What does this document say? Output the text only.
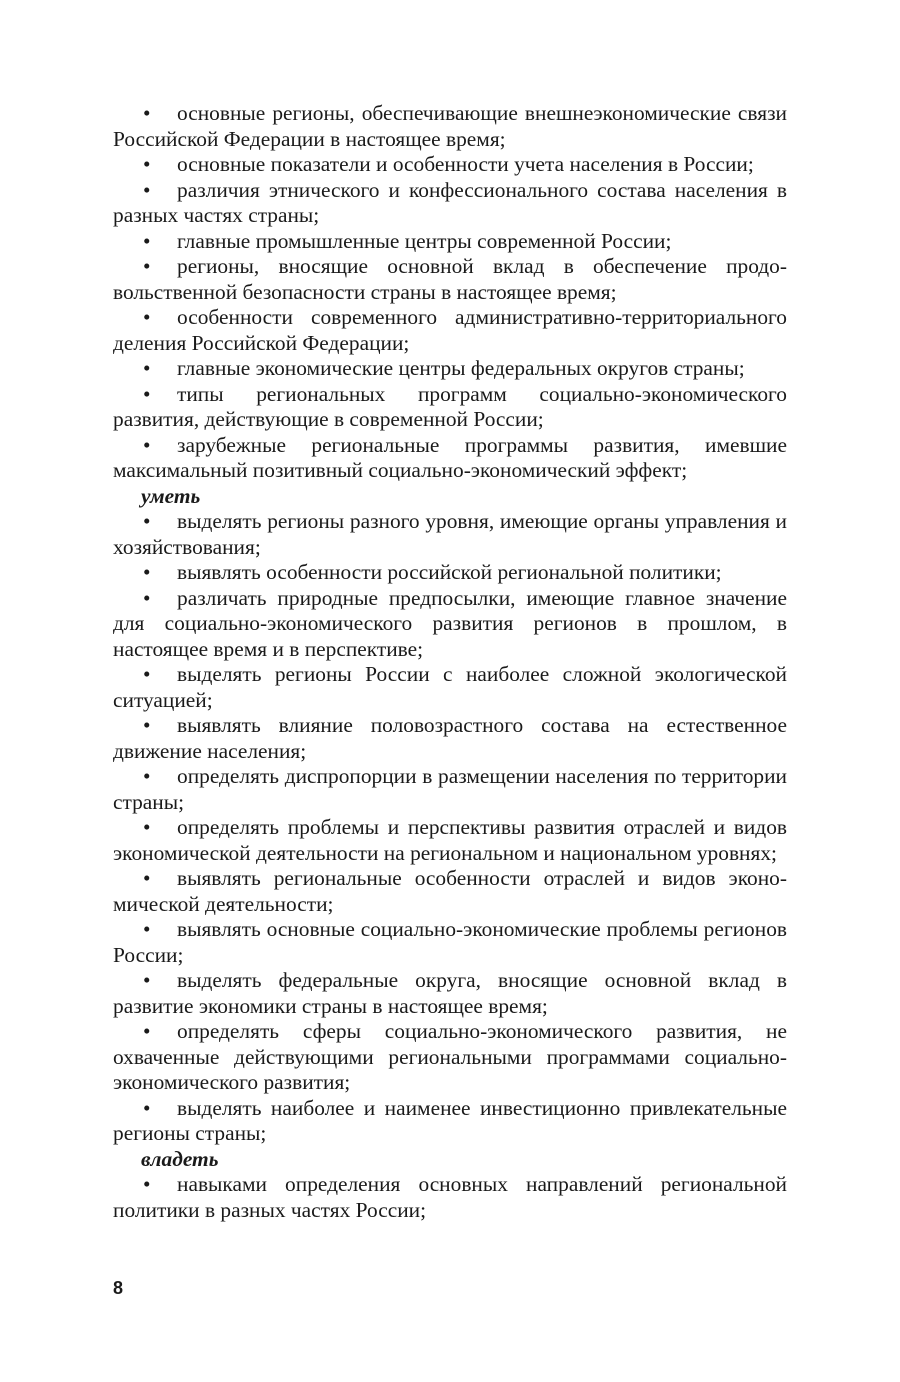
• основные регионы, обеспечивающие внешнеэкономические связи Российской Федерации в настоящее время;

• основные показатели и особенности учета населения в России;

• различия этнического и конфессионального состава населения в разных частях страны;

• главные промышленные центры современной России;

• регионы, вносящие основной вклад в обеспечение продовольственной безопасности страны в настоящее время;

• особенности современного административно-территориального деления Российской Федерации;

• главные экономические центры федеральных округов страны;

• типы региональных программ социально-экономического развития, действующие в современной России;

• зарубежные региональные программы развития, имевшие максимальный позитивный социально-экономический эффект;

уметь

• выделять регионы разного уровня, имеющие органы управления и хозяйствования;

• выявлять особенности российской региональной политики;

• различать природные предпосылки, имеющие главное значение для социально-экономического развития регионов в прошлом, в настоящее время и в перспективе;

• выделять регионы России с наиболее сложной экологической ситуацией;

• выявлять влияние половозрастного состава на естественное движение населения;

• определять диспропорции в размещении населения по территории страны;

• определять проблемы и перспективы развития отраслей и видов экономической деятельности на региональном и национальном уровнях;

• выявлять региональные особенности отраслей и видов экономической деятельности;

• выявлять основные социально-экономические проблемы регионов России;

• выделять федеральные округа, вносящие основной вклад в развитие экономики страны в настоящее время;

• определять сферы социально-экономического развития, не охваченные действующими региональными программами социально-экономического развития;

• выделять наиболее и наименее инвестиционно привлекательные регионы страны;

владеть

• навыками определения основных направлений региональной политики в разных частях России;

8
